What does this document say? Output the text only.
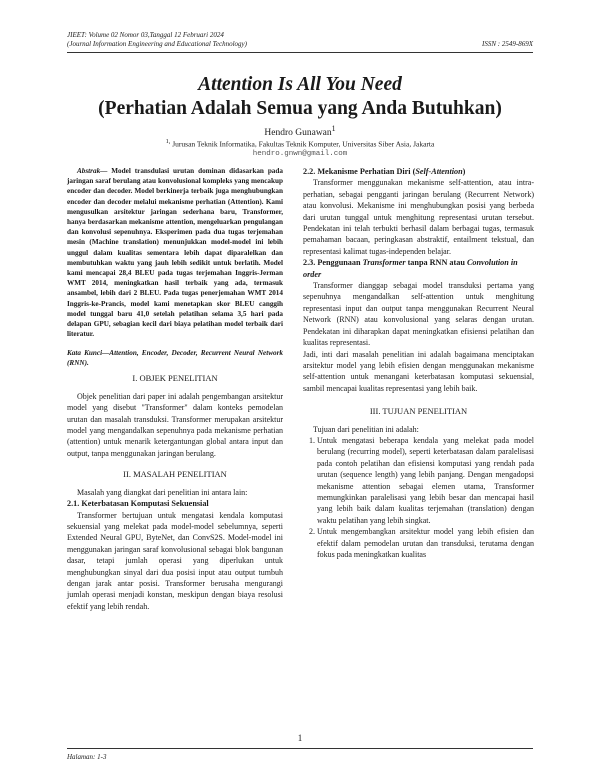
JIEET: Volume 02 Nomor 03,Tanggal 12 Februari 2024
(Journal Information Engineering and Educational Technology)	ISSN : 2549-869X
Attention Is All You Need
(Perhatian Adalah Semua yang Anda Butuhkan)
Hendro Gunawan$^1$
$^{1,}$ Jurusan Teknik Informatika, Fakultas Teknik Komputer, Universitas Siber Asia, Jakarta
hendro.gnwn@gmail.com

Abstrak— Model transdulasi urutan dominan didasarkan pada jaringan saraf berulang atau konvolusional kompleks yang mencakup encoder dan decoder. Model berkinerja terbaik juga menghubungkan encoder dan decoder melalui mekanisme perhatian (Attention). Kami mengusulkan arsitektur jaringan sederhana baru, Transformer, hanya berdasarkan mekanisme attention, mengeluarkan pengulangan dan konvolusi sepenuhnya. Eksperimen pada dua tugas terjemahan mesin (Machine translation) menunjukkan model-model ini lebih unggul dalam kualitas sementara lebih dapat diparalelkan dan membutuhkan waktu yang jauh lebih sedikit untuk berlatih. Model kami mencapai 28,4 BLEU pada tugas terjemahan Inggris-Jerman WMT 2014, meningkatkan hasil terbaik yang ada, termasuk ansambel, lebih dari 2 BLEU. Pada tugas penerjemahan WMT 2014 Inggris-ke-Prancis, model kami menetapkan skor BLEU canggih model tunggal baru 41,0 setelah pelatihan selama 3,5 hari pada delapan GPU, sebagian kecil dari biaya pelatihan model terbaik dari literatur.

Kata Kunci—Attention, Encoder, Decoder, Recurrent Neural Network (RNN).

I. OBJEK PENELITIAN

Objek penelitian dari paper ini adalah pengembangan arsitektur model yang disebut "Transformer" dalam konteks pemodelan urutan dan masalah transduksi. Transformer merupakan arsitektur model yang mengandalkan sepenuhnya pada mekanisme perhatian (attention) untuk menarik ketergantungan global antara input dan output, tanpa menggunakan jaringan berulang.

II. MASALAH PENELITIAN

Masalah yang diangkat dari penelitian ini antara lain:

2.1. Keterbatasan Komputasi Sekuensial

Transformer bertujuan untuk mengatasi kendala komputasi sekuensial yang melekat pada model-model sebelumnya, seperti Extended Neural GPU, ByteNet, dan ConvS2S. Model-model ini menggunakan jaringan saraf konvolusional sebagai blok bangunan dasar, tetapi jumlah operasi yang diperlukan untuk menghubungkan sinyal dari dua posisi input atau output tumbuh dengan jarak antar posisi. Transformer berusaha mengurangi jumlah operasi menjadi konstan, meskipun dengan biaya resolusi efektif yang lebih rendah.

2.2. Mekanisme Perhatian Diri (Self-Attention)

Transformer menggunakan mekanisme self-attention, atau intra-perhatian, sebagai pengganti jaringan berulang (Recurrent Network) atau konvolusi. Mekanisme ini menghubungkan posisi yang berbeda dari urutan tunggal untuk menghitung representasi urutan tersebut. Pendekatan ini telah terbukti berhasil dalam berbagai tugas, termasuk pemahaman bacaan, peringkasan abstraktif, entailment tekstual, dan representasi kalimat tugas-independen belajar.

2.3. Penggunaan Transformer tanpa RNN atau Convolution in order

Transformer dianggap sebagai model transduksi pertama yang sepenuhnya mengandalkan self-attention untuk menghitung representasi input dan output tanpa menggunakan Recurrent Neural Network (RNN) atau konvolusional yang selaras dengan urutan. Pendekatan ini diharapkan dapat meningkatkan efisiensi pelatihan dan kualitas representasi.
Jadi, inti dari masalah penelitian ini adalah bagaimana menciptakan arsitektur model yang lebih efisien dengan menggunakan mekanisme self-attention untuk menangani keterbatasan komputasi sekuensial, sambil mencapai kualitas representasi yang lebih baik.

III. TUJUAN PENELITIAN

Tujuan dari penelitian ini adalah:

1. Untuk mengatasi beberapa kendala yang melekat pada model berulang (recurring model), seperti keterbatasan dalam paralelisasi pada contoh pelatihan dan efisiensi komputasi yang rendah pada urutan (sequence length) yang lebih panjang. Dengan mengadopsi mekanisme attention sebagai elemen utama, Transformer memungkinkan paralelisasi yang lebih besar dan mencapai hasil yang lebih baik dalam kualitas terjemahan (translation) dengan waktu pelatihan yang lebih singkat.
2. Untuk mengembangkan arsitektur model yang lebih efisien dan efektif dalam pemodelan urutan dan transduksi, terutama dengan fokus pada meningkatkan kualitas
1
Halaman: 1-3
